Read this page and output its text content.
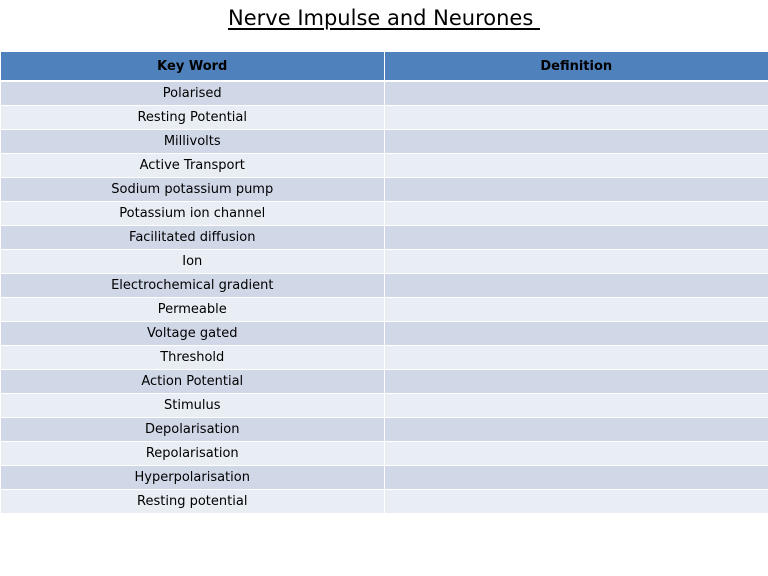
Nerve Impulse and Neurones
Key Word	Definition
Polarised	
Resting Potential	
Millivolts	
Active Transport	
Sodium potassium pump	
Potassium ion channel	
Facilitated diffusion	
Ion	
Electrochemical gradient	
Permeable	
Voltage gated	
Threshold	
Action Potential	
Stimulus	
Depolarisation	
Repolarisation	
Hyperpolarisation	
Resting potential	
